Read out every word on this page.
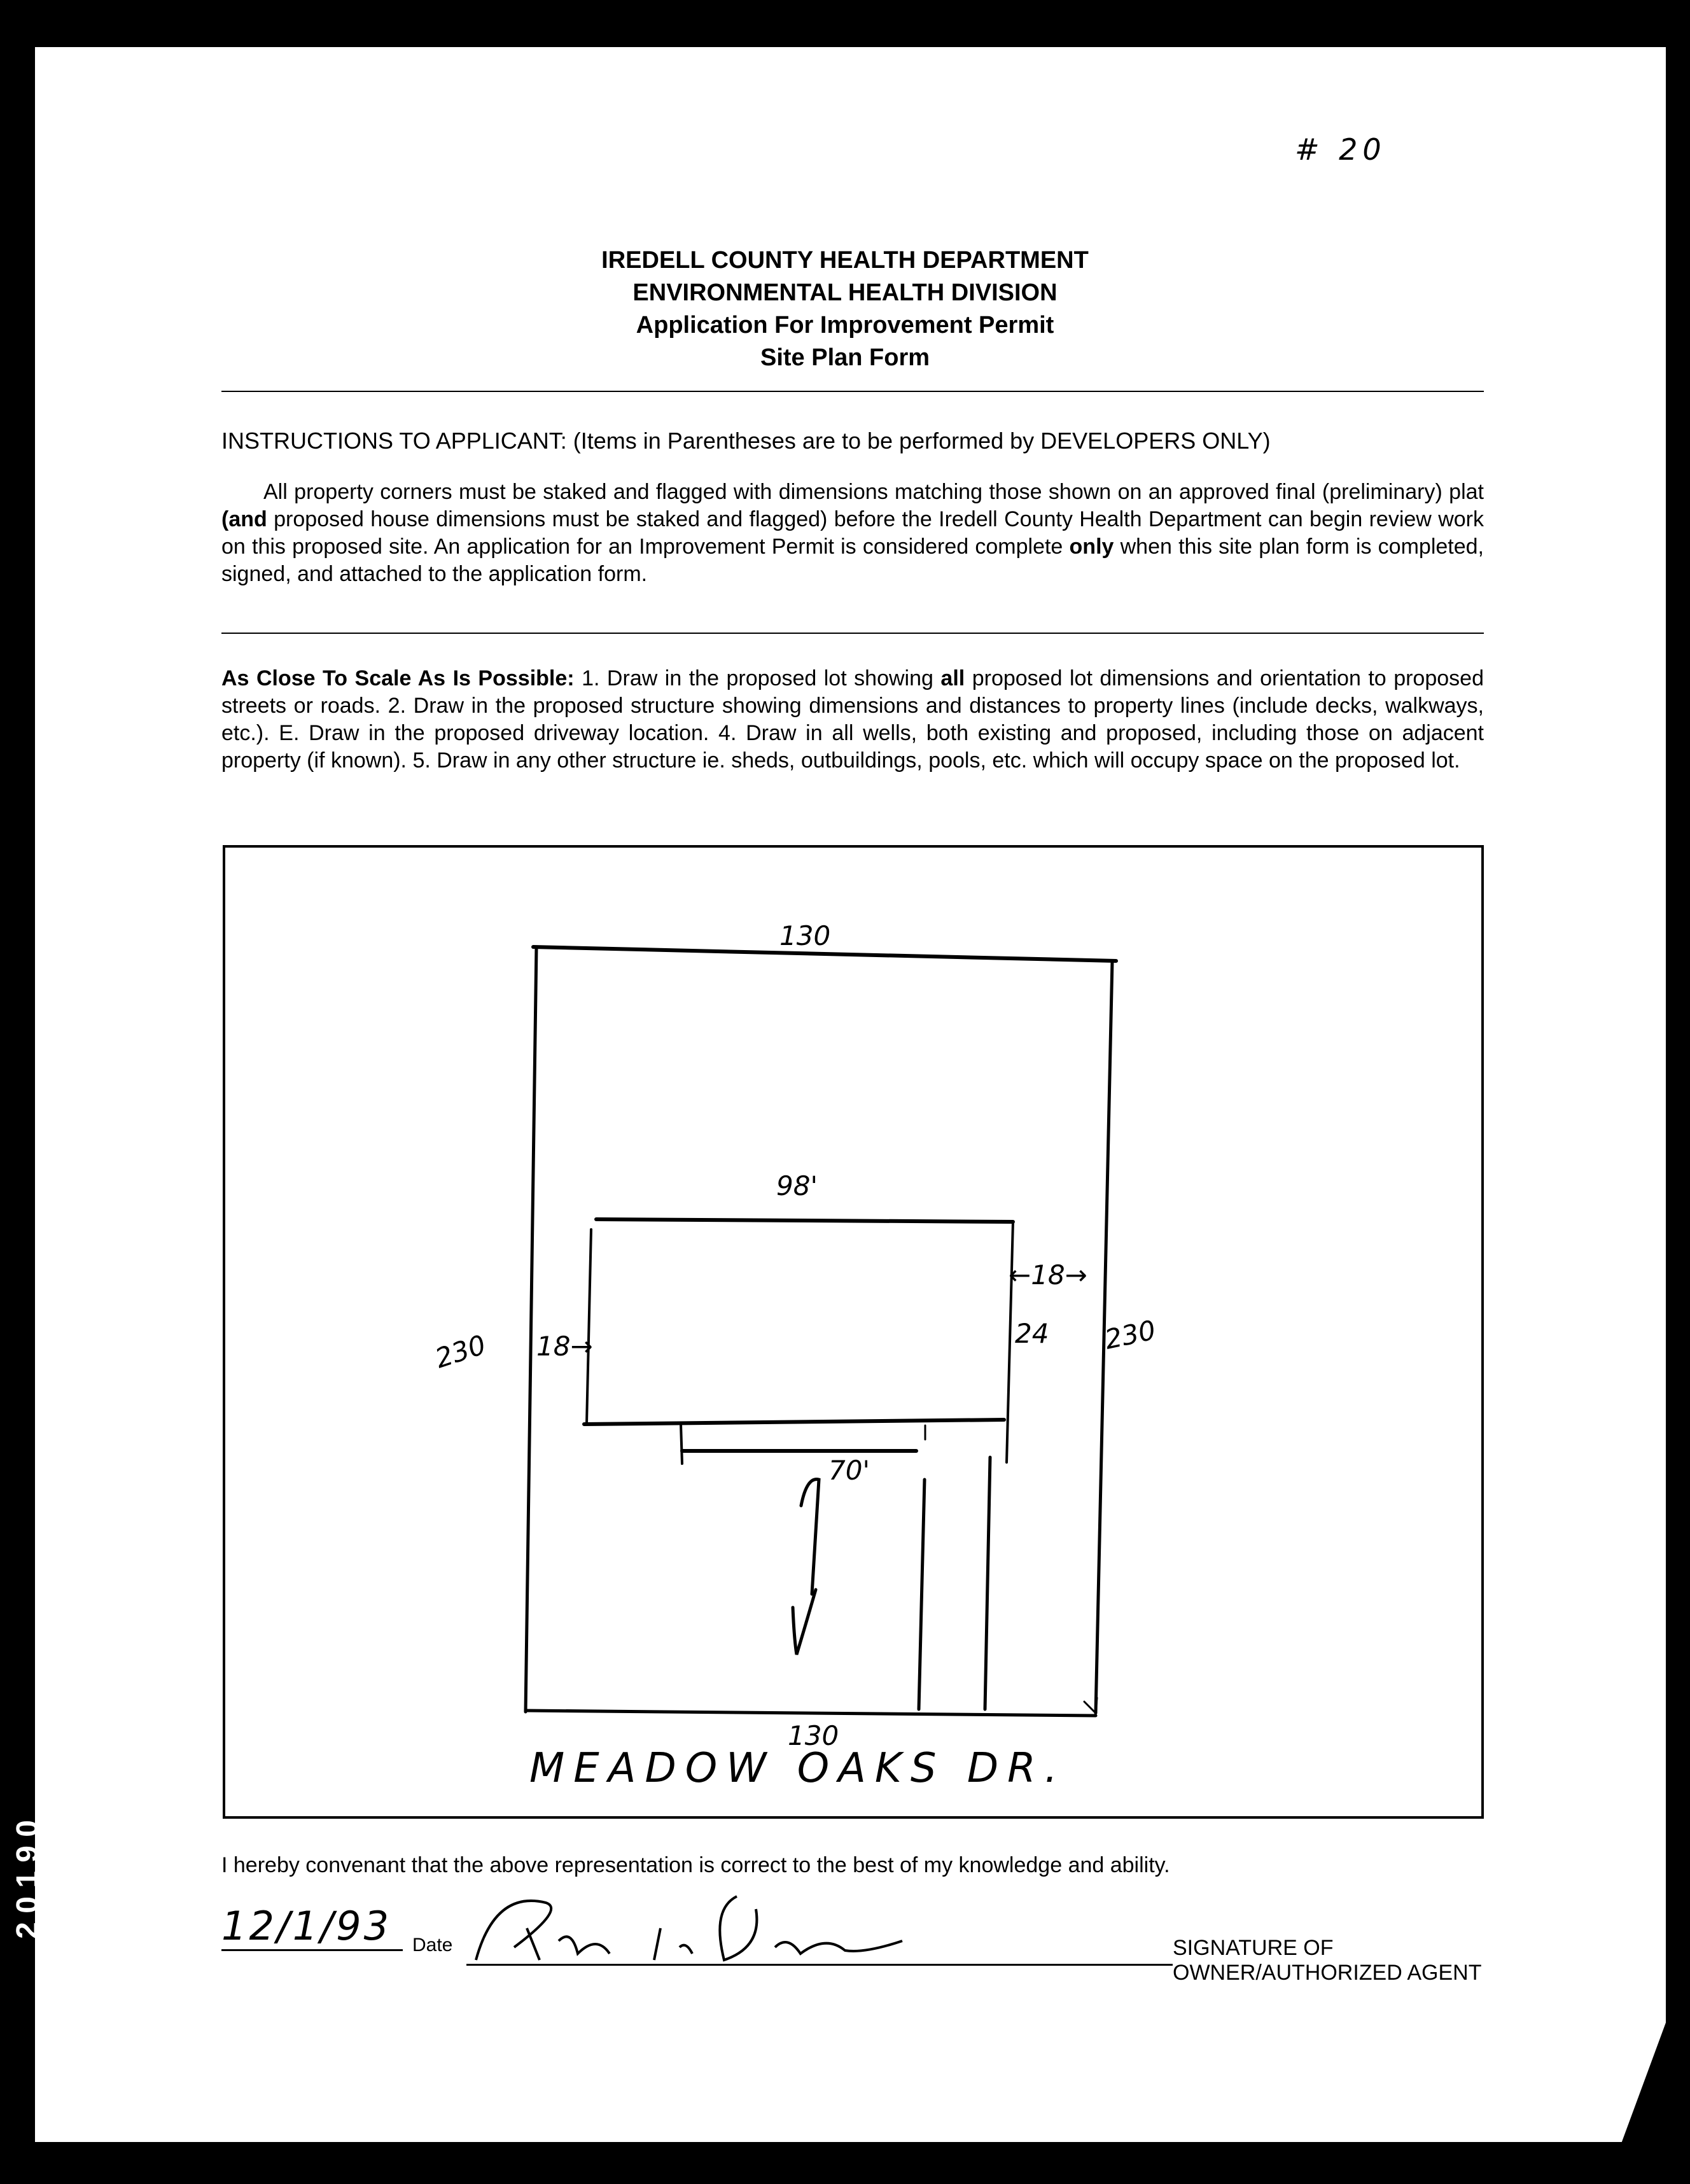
# 20
IREDELL COUNTY HEALTH DEPARTMENT
ENVIRONMENTAL HEALTH DIVISION
Application For Improvement Permit
Site Plan Form
INSTRUCTIONS TO APPLICANT: (Items in Parentheses are to be performed by DEVELOPERS ONLY)
All property corners must be staked and flagged with dimensions matching those shown on an approved final (preliminary) plat (and proposed house dimensions must be staked and flagged) before the Iredell County Health Department can begin review work on this proposed site. An application for an Improvement Permit is considered complete only when this site plan form is completed, signed, and attached to the application form.
As Close To Scale As Is Possible: 1. Draw in the proposed lot showing all proposed lot dimensions and orientation to proposed streets or roads. 2. Draw in the proposed structure showing dimensions and distances to property lines (include decks, walkways, etc.). E. Draw in the proposed driveway location. 4. Draw in all wells, both existing and proposed, including those on adjacent property (if known). 5. Draw in any other structure ie. sheds, outbuildings, pools, etc. which will occupy space on the proposed lot.
130
98'
230 18→
←18→
24 230
70'
130
MEADOW OAKS DR.
I hereby convenant that the above representation is correct to the best of my knowledge and ability.
12/1/93	Date	SIGNATURE OF OWNER/AUTHORIZED AGENT
2 0 1 9 0
